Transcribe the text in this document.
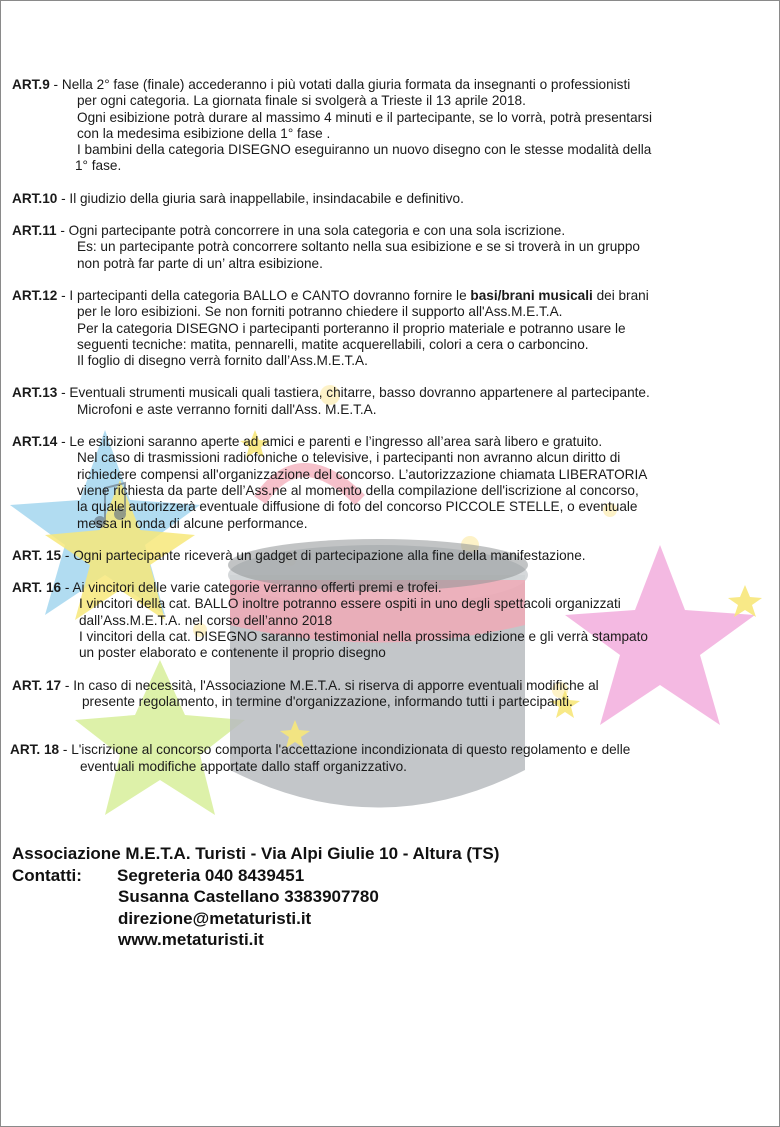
ART.9 - Nella 2° fase (finale) accederanno i più votati dalla giuria formata da insegnanti o professionisti
per ogni categoria. La giornata finale si svolgerà a Trieste il 13 aprile 2018.
Ogni esibizione potrà durare al massimo 4 minuti e il partecipante, se lo vorrà, potrà presentarsi
con la medesima esibizione della 1° fase .
I bambini della categoria DISEGNO eseguiranno un nuovo disegno con le stesse modalità della
1° fase.
ART.10 - Il giudizio della giuria sarà inappellabile, insindacabile e definitivo.
ART.11 - Ogni partecipante potrà concorrere in una sola categoria e con una sola iscrizione.
Es: un partecipante potrà concorrere soltanto nella sua esibizione e se si troverà in un gruppo
non potrà far parte di un’ altra esibizione.
ART.12 - I partecipanti della categoria BALLO e CANTO dovranno fornire le basi/brani musicali dei brani
per le loro esibizioni. Se non forniti potranno chiedere il supporto all'Ass.M.E.T.A.
Per la categoria DISEGNO i partecipanti porteranno il proprio materiale e potranno usare le
seguenti tecniche: matita, pennarelli, matite acquerellabili, colori a cera o carboncino.
Il foglio di disegno verrà fornito dall’Ass.M.E.T.A.
ART.13 - Eventuali strumenti musicali quali tastiera, chitarre, basso dovranno appartenere al partecipante.
Microfoni e aste verranno forniti dall'Ass. M.E.T.A.
ART.14 - Le esibizioni saranno aperte ad amici e parenti e l’ingresso all’area sarà libero e gratuito.
Nel caso di trasmissioni radiofoniche o televisive, i partecipanti non avranno alcun diritto di
richiedere compensi all'organizzazione del concorso. L’autorizzazione chiamata LIBERATORIA
viene richiesta da parte dell’Ass.ne al momento della compilazione dell'iscrizione al concorso,
la quale autorizzerà eventuale diffusione di foto del concorso PICCOLE STELLE, o eventuale
messa in onda di alcune performance.
ART. 15 - Ogni partecipante riceverà un gadget di partecipazione alla fine della manifestazione.
ART. 16 - Ai vincitori delle varie categorie verranno offerti premi e trofei.
I vincitori della cat. BALLO inoltre potranno essere ospiti in uno degli spettacoli organizzati
dall’Ass.M.E.T.A. nel corso dell’anno 2018
I vincitori della cat. DISEGNO saranno testimonial nella prossima edizione e gli verrà stampato
un poster elaborato e contenente il proprio disegno
ART. 17 - In caso di necessità, l'Associazione M.E.T.A. si riserva di apporre eventuali modifiche al
presente regolamento, in termine d'organizzazione, informando tutti i partecipanti.
ART. 18 - L'iscrizione al concorso comporta l'accettazione incondizionata di questo regolamento e delle
eventuali modifiche apportate dallo staff organizzativo.
Associazione M.E.T.A. Turisti - Via Alpi Giulie 10 - Altura (TS)
Contatti: Segreteria 040 8439451
Susanna Castellano 3383907780
direzione@metaturisti.it
www.metaturisti.it
